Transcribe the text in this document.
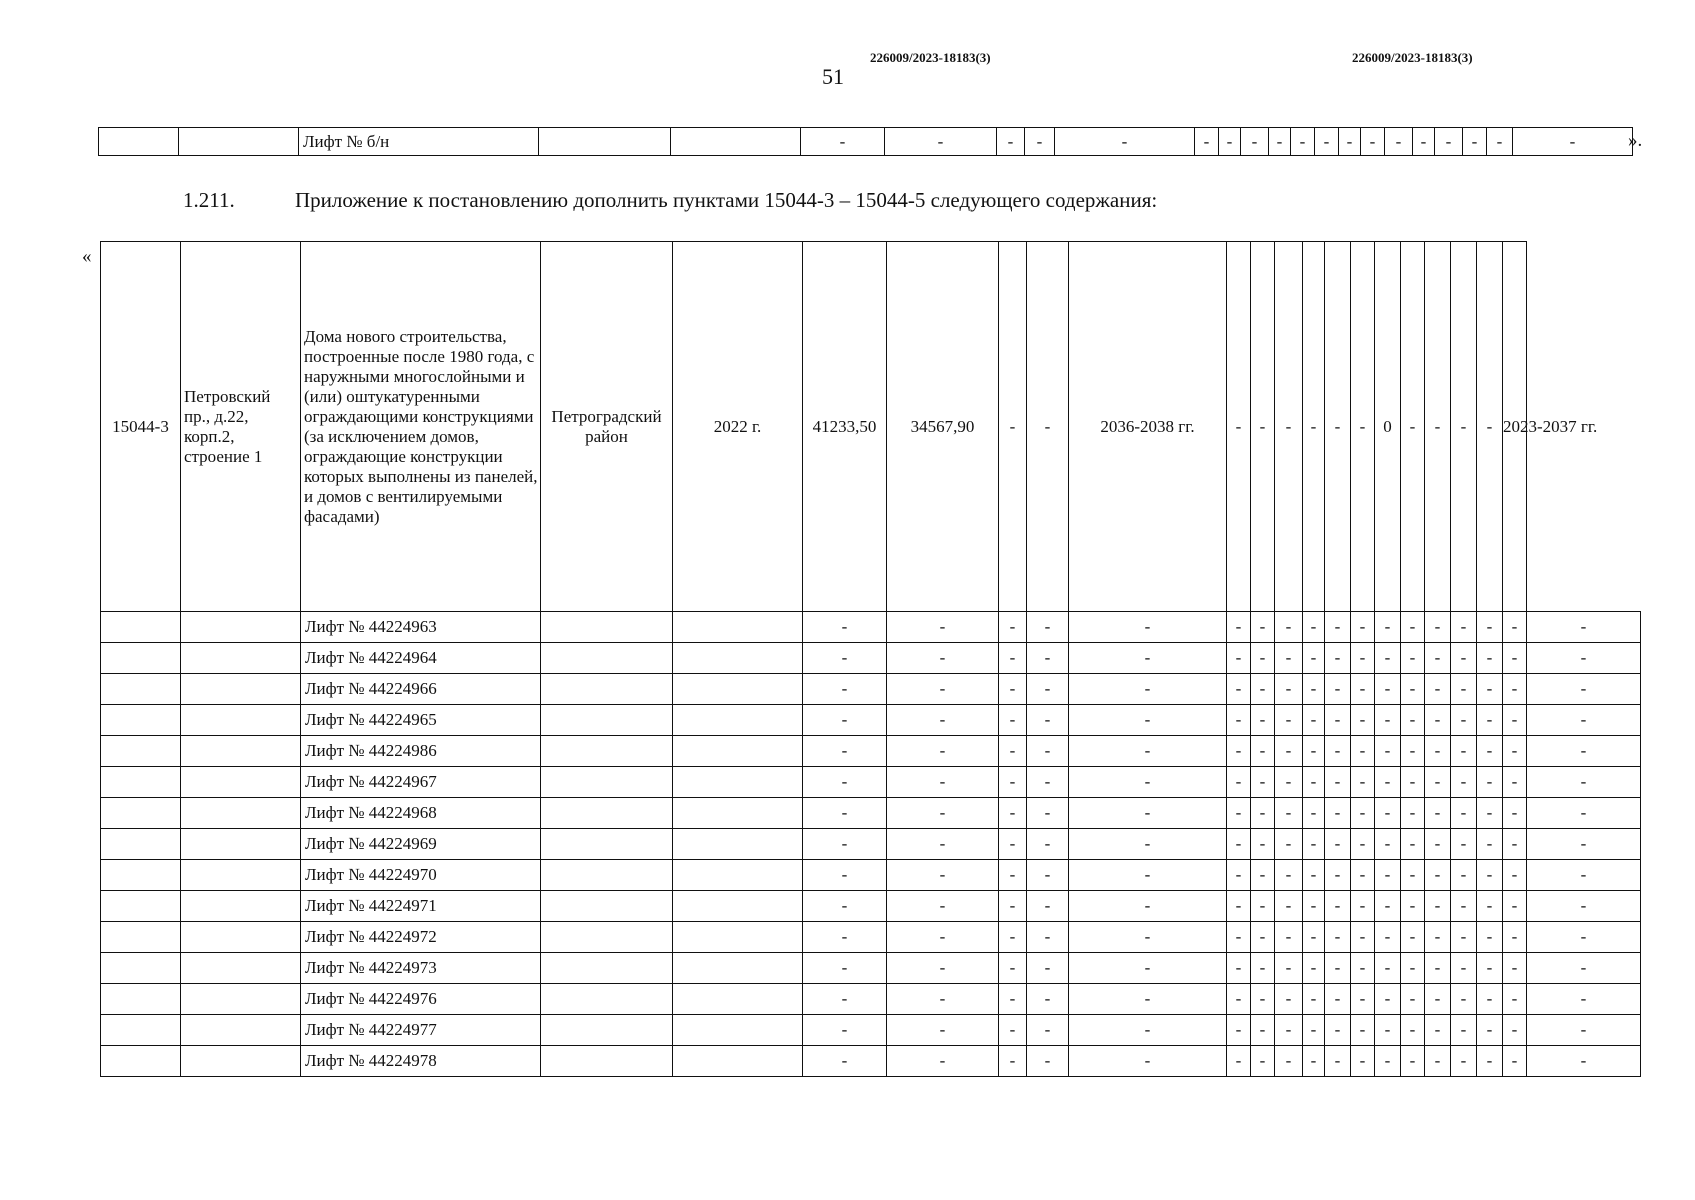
226009/2023-18183(3)	226009/2023-18183(3)
51
		Лифт № б/н			-	-	-	-	-	-	-	-	-	-	-	-	-	-	-	-	-	-	-	».
1.211.	Приложение к постановлению дополнить пунктами 15044-3 – 15044-5 следующего содержания:
«
15044-3	Петровский пр., д.22, корп.2, строение 1	Дома нового строительства, построенные после 1980 года, с наружными многослойными и (или) оштукатуренными ограждающими конструкциями (за исключением домов, ограждающие конструкции которых выполнены из панелей, и домов с вентилируемыми фасадами)	Петроградский район	2022 г.	41233,50	34567,90	-	-	2036-2038 гг.	-	-	-	-	-	-	0	-	-	-	-	2023-2037 гг.	
		Лифт № 44224963			-	-	-	-	-	-	-	-	-	-	-	-	-	-	-	-	-	-
		Лифт № 44224964			-	-	-	-	-	-	-	-	-	-	-	-	-	-	-	-	-	-
		Лифт № 44224966			-	-	-	-	-	-	-	-	-	-	-	-	-	-	-	-	-	-
		Лифт № 44224965			-	-	-	-	-	-	-	-	-	-	-	-	-	-	-	-	-	-
		Лифт № 44224986			-	-	-	-	-	-	-	-	-	-	-	-	-	-	-	-	-	-
		Лифт № 44224967			-	-	-	-	-	-	-	-	-	-	-	-	-	-	-	-	-	-
		Лифт № 44224968			-	-	-	-	-	-	-	-	-	-	-	-	-	-	-	-	-	-
		Лифт № 44224969			-	-	-	-	-	-	-	-	-	-	-	-	-	-	-	-	-	-
		Лифт № 44224970			-	-	-	-	-	-	-	-	-	-	-	-	-	-	-	-	-	-
		Лифт № 44224971			-	-	-	-	-	-	-	-	-	-	-	-	-	-	-	-	-	-
		Лифт № 44224972			-	-	-	-	-	-	-	-	-	-	-	-	-	-	-	-	-	-
		Лифт № 44224973			-	-	-	-	-	-	-	-	-	-	-	-	-	-	-	-	-	-
		Лифт № 44224976			-	-	-	-	-	-	-	-	-	-	-	-	-	-	-	-	-	-
		Лифт № 44224977			-	-	-	-	-	-	-	-	-	-	-	-	-	-	-	-	-	-
		Лифт № 44224978			-	-	-	-	-	-	-	-	-	-	-	-	-	-	-	-	-	-
